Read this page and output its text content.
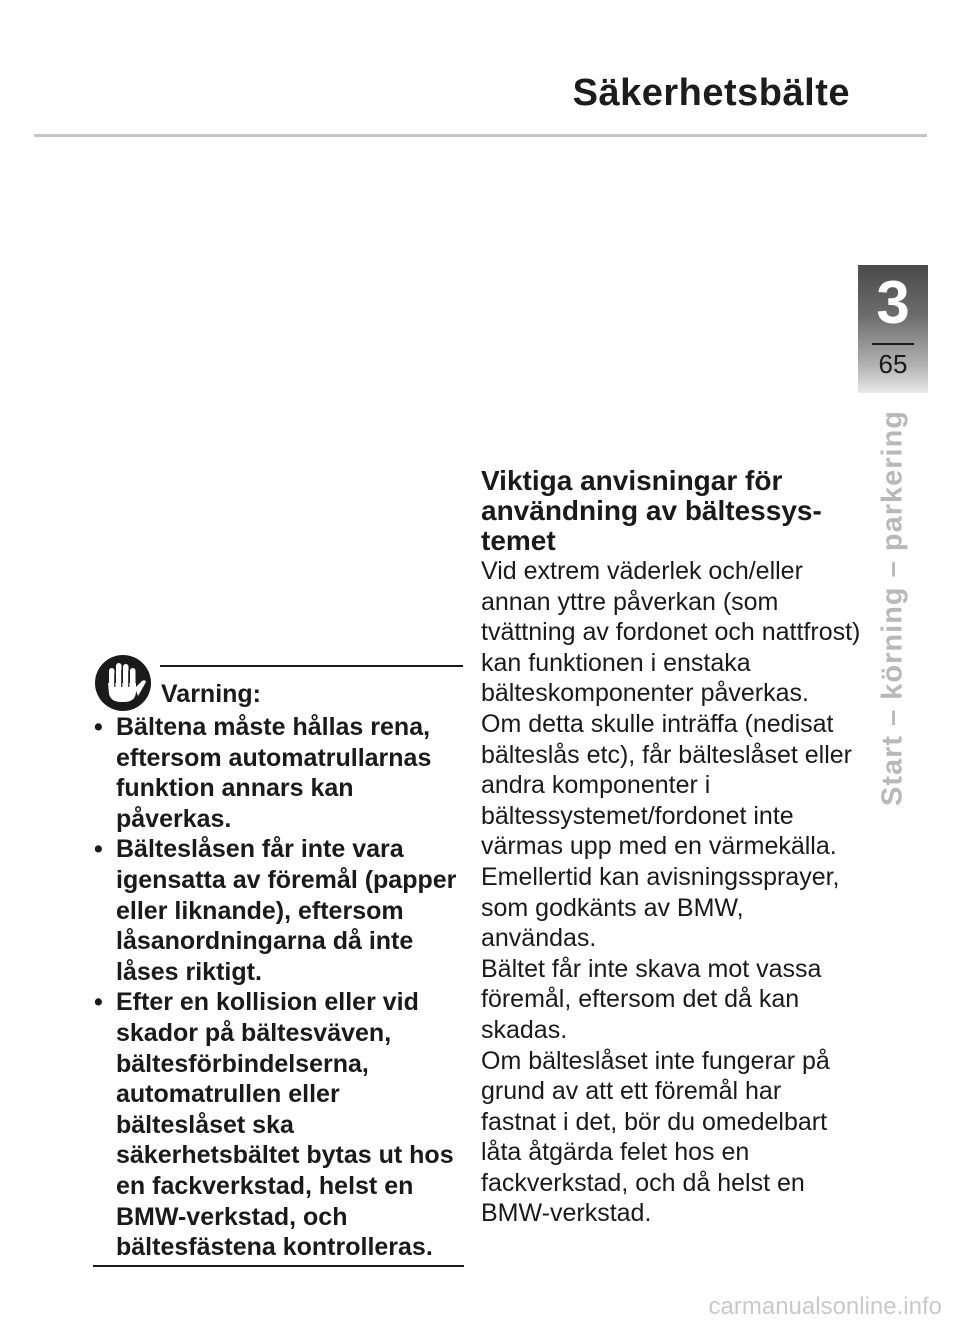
Säkerhetsbälte
3
65
Start – körning – parkering
Varning:
• Bältena måste hållas rena, eftersom automatrullarnas funktion annars kan påverkas.
• Bälteslåsen får inte vara igensatta av föremål (papper eller liknande), eftersom låsanordningarna då inte låses riktigt.
• Efter en kollision eller vid skador på bältesväven, bältesförbindelserna, automatrullen eller bälteslåset ska säkerhetsbältet bytas ut hos en fackverkstad, helst en BMW-verkstad, och bältesfästena kontrolleras.
Viktiga anvisningar för användning av bältessys-temet

Vid extrem väderlek och/eller annan yttre påverkan (som tvättning av fordonet och nattfrost) kan funktionen i enstaka bälteskomponenter påverkas.

Om detta skulle inträffa (nedisat bälteslås etc), får bälteslåset eller andra komponenter i bältessystemet/fordonet inte värmas upp med en värmekälla.

Emellertid kan avisningssprayer, som godkänts av BMW, användas.

Bältet får inte skava mot vassa föremål, eftersom det då kan skadas.

Om bälteslåset inte fungerar på grund av att ett föremål har fastnat i det, bör du omedelbart låta åtgärda felet hos en fackverkstad, och då helst en BMW-verkstad.

carmanualsonline.info
